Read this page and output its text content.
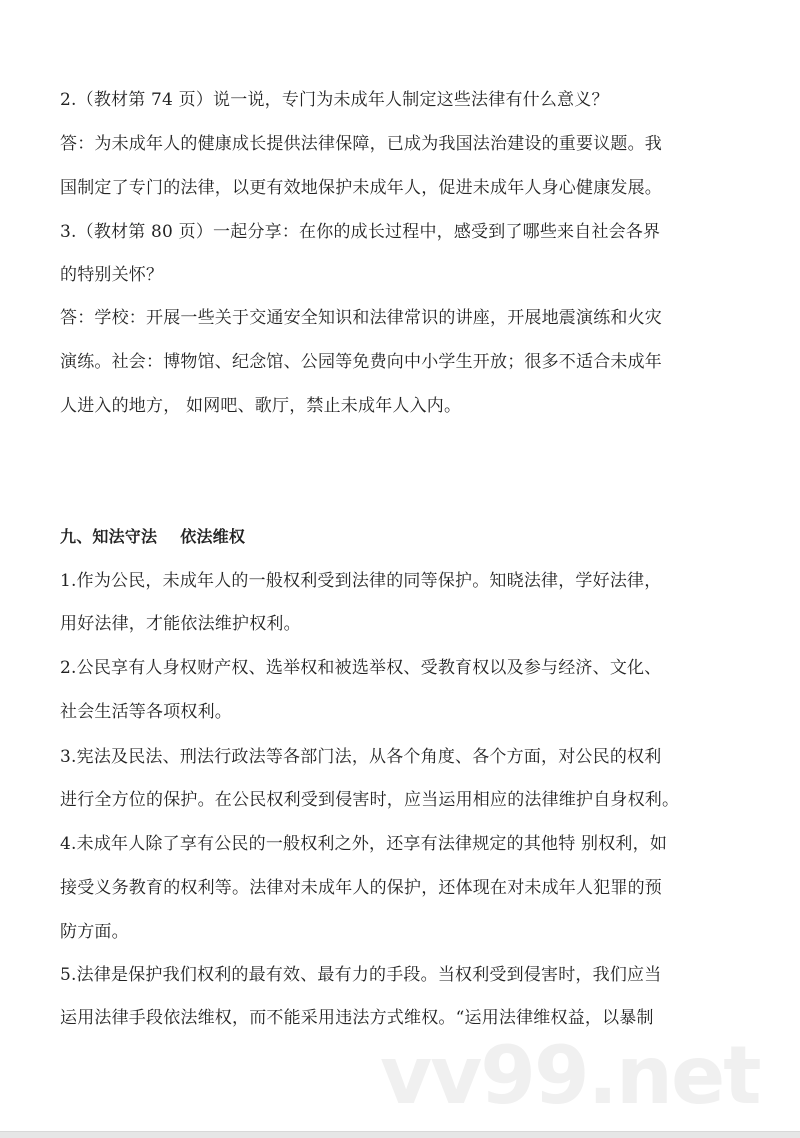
2.（教材第 74 页）说一说，专门为未成年人制定这些法律有什么意义？
答：为未成年人的健康成长提供法律保障，已成为我国法治建设的重要议题。我
国制定了专门的法律，以更有效地保护未成年人，促进未成年人身心健康发展。
3.（教材第 80 页）一起分享：在你的成长过程中，感受到了哪些来自社会各界
的特别关怀？
答：学校：开展一些关于交通安全知识和法律常识的讲座，开展地震演练和火灾
演练。社会：博物馆、纪念馆、公园等免费向中小学生开放；很多不适合未成年
人进入的地方， 如网吧、歌厅，禁止未成年人入内。
九、知法守法    依法维权
1.作为公民，未成年人的一般权利受到法律的同等保护。知晓法律，学好法律，
用好法律，才能依法维护权利。
2.公民享有人身权财产权、选举权和被选举权、受教育权以及参与经济、文化、
社会生活等各项权利。
3.宪法及民法、刑法行政法等各部门法，从各个角度、各个方面，对公民的权利
进行全方位的保护。在公民权利受到侵害时，应当运用相应的法律维护自身权利。
4.未成年人除了享有公民的一般权利之外，还享有法律规定的其他特 别权利，如
接受义务教育的权利等。法律对未成年人的保护，还体现在对未成年人犯罪的预
防方面。
5.法律是保护我们权利的最有效、最有力的手段。当权利受到侵害时，我们应当
运用法律手段依法维权，而不能采用违法方式维权。“运用法律维权益，以暴制
vv99.net
